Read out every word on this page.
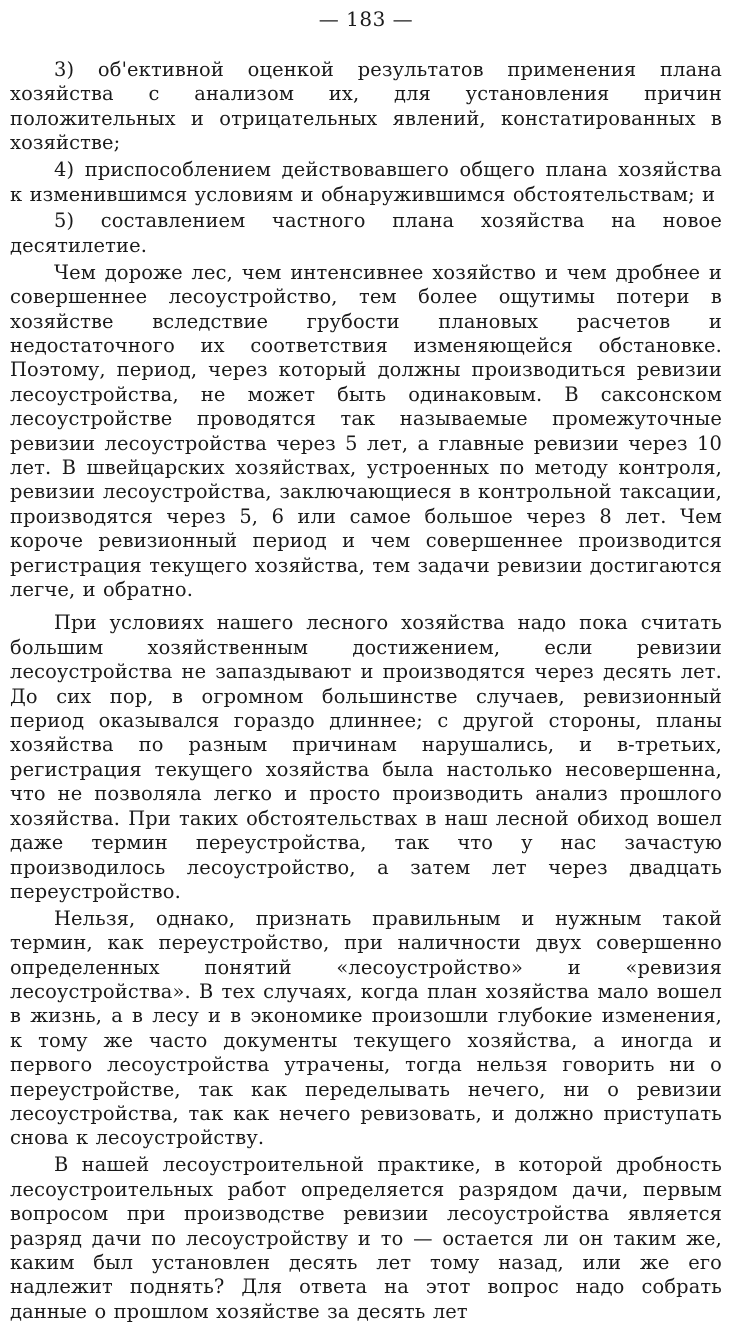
— 183 —

3) об'ективной оценкой результатов применения плана хозяйства с анализом их, для установления причин положительных и отрицательных явлений, констатированных в хозяйстве;

4) приспособлением действовавшего общего плана хозяйства к изменившимся условиям и обнаружившимся обстоятельствам; и

5) составлением частного плана хозяйства на новое десятилетие.

Чем дороже лес, чем интенсивнее хозяйство и чем дробнее и совершеннее лесоустройство, тем более ощутимы потери в хозяйстве вследствие грубости плановых расчетов и недостаточного их соответствия изменяющейся обстановке. Поэтому, период, через который должны производиться ревизии лесоустройства, не может быть одинаковым. В саксонском лесоустройстве проводятся так называемые промежуточные ревизии лесоустройства через 5 лет, а главные ревизии через 10 лет. В швейцарских хозяйствах, устроенных по методу контроля, ревизии лесоустройства, заключающиеся в контрольной таксации, производятся через 5, 6 или самое большое через 8 лет. Чем короче ревизионный период и чем совершеннее производится регистрация текущего хозяйства, тем задачи ревизии достигаются легче, и обратно.

При условиях нашего лесного хозяйства надо пока считать большим хозяйственным достижением, если ревизии лесоустройства не запаздывают и производятся через десять лет. До сих пор, в огромном большинстве случаев, ревизионный период оказывался гораздо длиннее; с другой стороны, планы хозяйства по разным причинам нарушались, и в-третьих, регистрация текущего хозяйства была настолько несовершенна, что не позволяла легко и просто производить анализ прошлого хозяйства. При таких обстоятельствах в наш лесной обиход вошел даже термин переустройства, так что у нас зачастую производилось лесоустройство, а затем лет через двадцать переустройство.

Нельзя, однако, признать правильным и нужным такой термин, как переустройство, при наличности двух совершенно определенных понятий «лесоустройство» и «ревизия лесоустройства». В тех случаях, когда план хозяйства мало вошел в жизнь, а в лесу и в экономике произошли глубокие изменения, к тому же часто документы текущего хозяйства, а иногда и первого лесоустройства утрачены, тогда нельзя говорить ни о переустройстве, так как переделывать нечего, ни о ревизии лесоустройства, так как нечего ревизовать, и должно приступать снова к лесоустройству.

В нашей лесоустроительной практике, в которой дробность лесоустроительных работ определяется разрядом дачи, первым вопросом при производстве ревизии лесоустройства является разряд дачи по лесоустройству и то — остается ли он таким же, каким был установлен десять лет тому назад, или же его надлежит поднять? Для ответа на этот вопрос надо собрать данные о прошлом хозяйстве за десять лет
